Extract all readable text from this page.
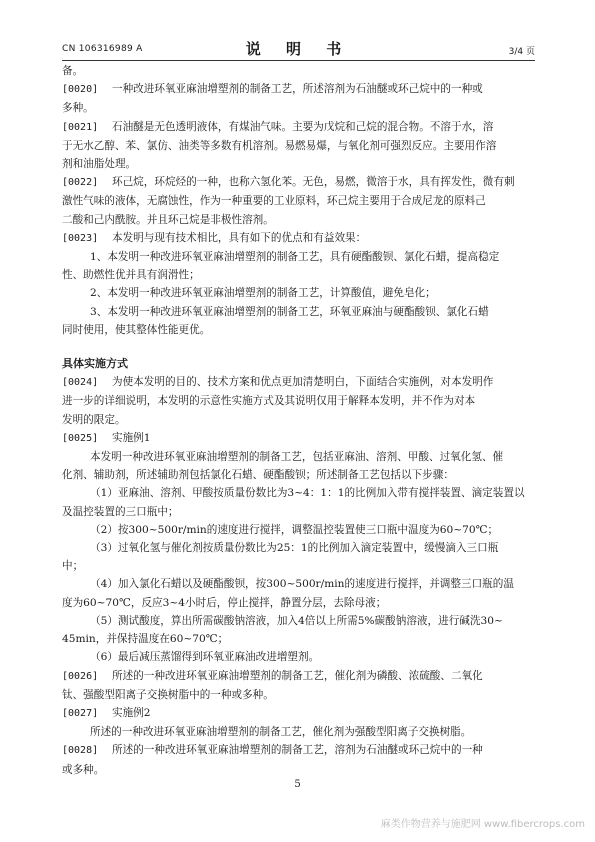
CN 106316989 A	说 明 书	3/4 页
备。
[0020] 一种改进环氧亚麻油增塑剂的制备工艺，所述溶剂为石油醚或环己烷中的一种或
多种。
[0021] 石油醚是无色透明液体，有煤油气味。主要为戊烷和己烷的混合物。不溶于水，溶
于无水乙醇、苯、氯仿、油类等多数有机溶剂。易燃易爆，与氧化剂可强烈反应。主要用作溶
剂和油脂处理。
[0022] 环己烷，环烷烃的一种，也称六氢化苯。无色，易燃，微溶于水，具有挥发性，微有刺
激性气味的液体，无腐蚀性，作为一种重要的工业原料，环己烷主要用于合成尼龙的原料己
二酸和己内酰胺。并且环己烷是非极性溶剂。
[0023] 本发明与现有技术相比，具有如下的优点和有益效果：
1、本发明一种改进环氧亚麻油增塑剂的制备工艺，具有硬酯酸钡、氯化石蜡，提高稳定
性、助燃性优并具有润滑性；
2、本发明一种改进环氧亚麻油增塑剂的制备工艺，计算酸值，避免皂化；
3、本发明一种改进环氧亚麻油增塑剂的制备工艺，环氧亚麻油与硬酯酸钡、氯化石蜡
同时使用，使其整体性能更优。
具体实施方式
[0024] 为使本发明的目的、技术方案和优点更加清楚明白，下面结合实施例，对本发明作
进一步的详细说明，本发明的示意性实施方式及其说明仅用于解释本发明，并不作为对本
发明的限定。
[0025] 实施例1
本发明一种改进环氧亚麻油增塑剂的制备工艺，包括亚麻油、溶剂、甲酸、过氧化氢、催
化剂、辅助剂，所述辅助剂包括氯化石蜡、硬酯酸钡；所述制备工艺包括以下步骤：
（1）亚麻油、溶剂、甲酸按质量份数比为3~4：1：1的比例加入带有搅拌装置、滴定装置以
及温控装置的三口瓶中；
（2）按300~500r/min的速度进行搅拌，调整温控装置使三口瓶中温度为60~70℃；
（3）过氧化氢与催化剂按质量份数比为25：1的比例加入滴定装置中，缓慢滴入三口瓶
中；
（4）加入氯化石蜡以及硬酯酸钡，按300~500r/min的速度进行搅拌，并调整三口瓶的温
度为60~70℃，反应3~4小时后，停止搅拌，静置分层，去除母液；
（5）测试酸度，算出所需碳酸钠溶液，加入4倍以上所需5%碳酸钠溶液，进行碱洗30~
45min，并保持温度在60~70℃；
（6）最后减压蒸馏得到环氧亚麻油改进增塑剂。
[0026] 所述的一种改进环氧亚麻油增塑剂的制备工艺，催化剂为磷酸、浓硫酸、二氧化
钛、强酸型阳离子交换树脂中的一种或多种。
[0027] 实施例2
所述的一种改进环氧亚麻油增塑剂的制备工艺，催化剂为强酸型阳离子交换树脂。
[0028] 所述的一种改进环氧亚麻油增塑剂的制备工艺，溶剂为石油醚或环己烷中的一种
或多种。
5
麻类作物营养与施肥网 www.fibercrops.com
